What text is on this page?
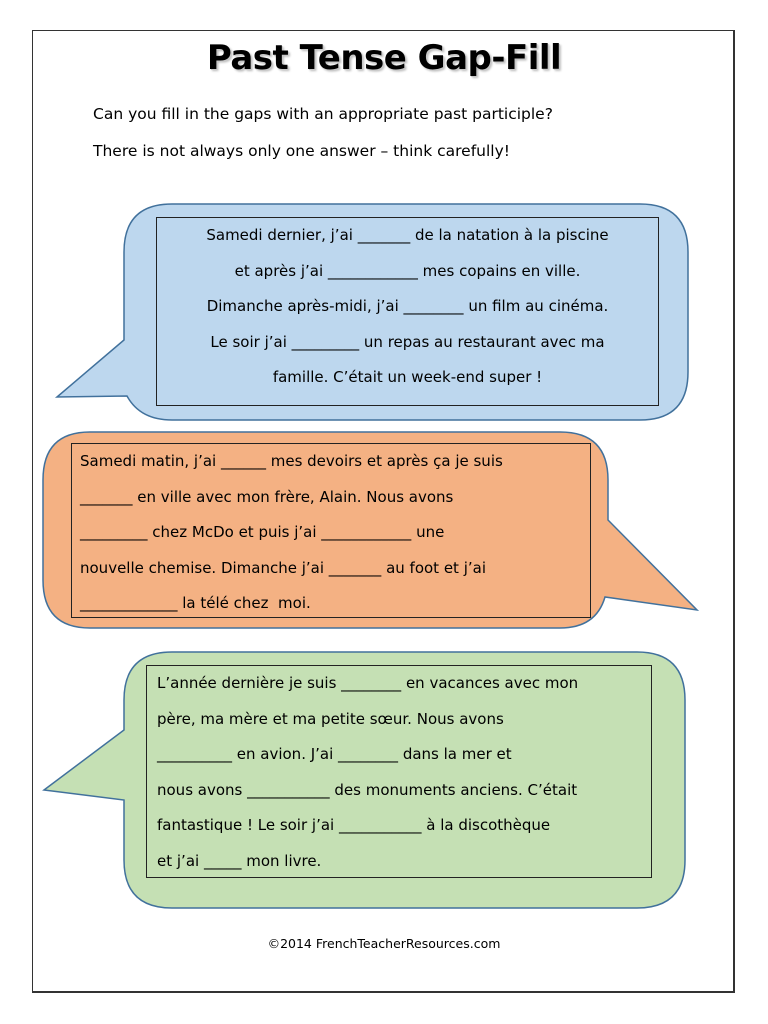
Past Tense Gap-Fill
Can you fill in the gaps with an appropriate past participle?
There is not always only one answer – think carefully!
Samedi dernier, j’ai _______ de la natation à la piscine
et après j’ai ____________ mes copains en ville.
Dimanche après-midi, j’ai ________ un film au cinéma.
Le soir j’ai _________ un repas au restaurant avec ma
famille. C’était un week-end super !
Samedi matin, j’ai ______ mes devoirs et après ça je suis
_______ en ville avec mon frère, Alain. Nous avons
_________ chez McDo et puis j’ai ____________ une
nouvelle chemise. Dimanche j’ai _______ au foot et j’ai
_____________ la télé chez  moi.
L’année dernière je suis ________ en vacances avec mon
père, ma mère et ma petite sœur. Nous avons
__________ en avion. J’ai ________ dans la mer et
nous avons ___________ des monuments anciens. C’était
fantastique ! Le soir j’ai ___________ à la discothèque
et j’ai _____ mon livre.
©2014 FrenchTeacherResources.com
